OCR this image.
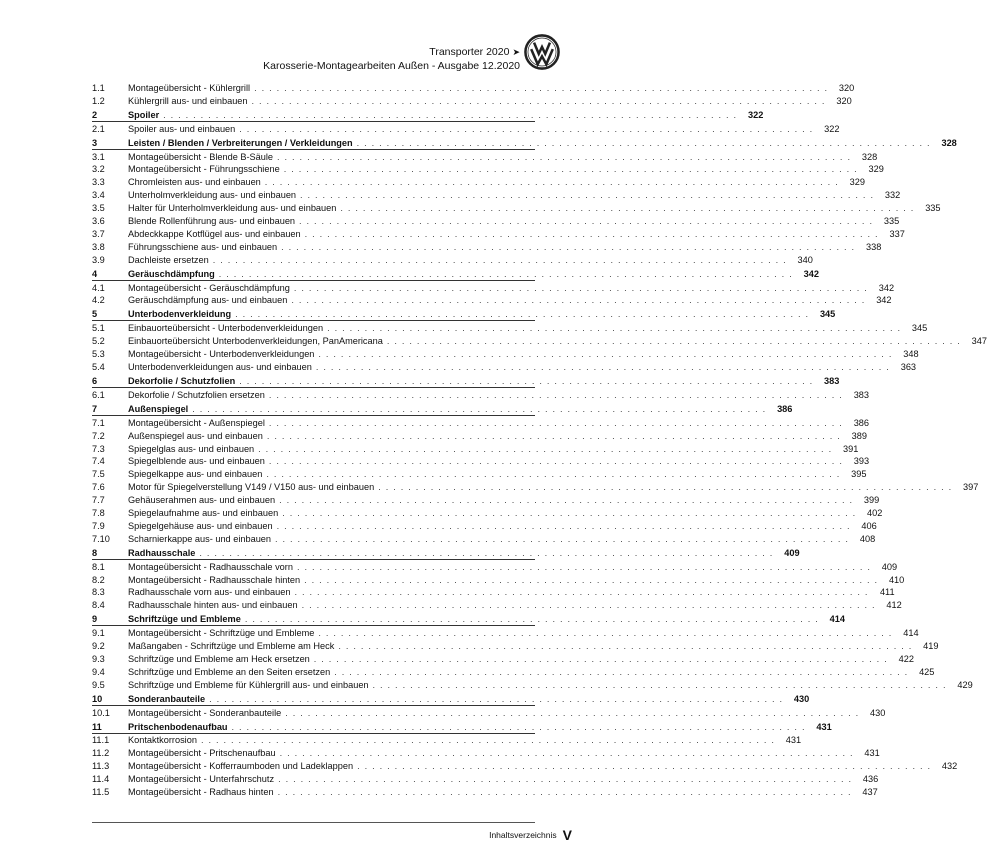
Transporter 2020 ➤
Karosserie-Montagearbeiten Außen - Ausgabe 12.2020
1.1	Montageübersicht - Kühlergrill . . . . . . . . . . . . . . . . . . . . . . . . . . . . . . . . . . . . . . . . . . . . . . . . . . . . . . . . . . . . . . . . . . . . . . . . . . . . .	320
1.2	Kühlergrill aus- und einbauen . . . . . . . . . . . . . . . . . . . . . . . . . . . . . . . . . . . . . . . . . . . . . . . . . . . . . . . . . . . . . . . . . . . . . . . . . . . . .	320
2	Spoiler . . . . . . . . . . . . . . . . . . . . . . . . . . . . . . . . . . . . . . . . . . . . . . . . . . . . . . . . . . . . . . . . . . . . . . . . . . . . .	322
2.1	Spoiler aus- und einbauen . . . . . . . . . . . . . . . . . . . . . . . . . . . . . . . . . . . . . . . . . . . . . . . . . . . . . . . . . . . . . . . . . . . . . . . . . . . . .	322
3	Leisten / Blenden / Verbreiterungen / Verkleidungen . . . . . . . . . . . . . . . . . . . . . . . . . . . . . . . . . . . . . . . . . . . . . . . . . . . . . . . . . . . . . . . . . . . . . . . . . . . . .	328
3.1	Montageübersicht - Blende B-Säule . . . . . . . . . . . . . . . . . . . . . . . . . . . . . . . . . . . . . . . . . . . . . . . . . . . . . . . . . . . . . . . . . . . . . . . . . . . . .	328
3.2	Montageübersicht - Führungsschiene . . . . . . . . . . . . . . . . . . . . . . . . . . . . . . . . . . . . . . . . . . . . . . . . . . . . . . . . . . . . . . . . . . . . . . . . . . . . .	329
3.3	Chromleisten aus- und einbauen . . . . . . . . . . . . . . . . . . . . . . . . . . . . . . . . . . . . . . . . . . . . . . . . . . . . . . . . . . . . . . . . . . . . . . . . . . . . .	329
3.4	Unterholmverkleidung aus- und einbauen . . . . . . . . . . . . . . . . . . . . . . . . . . . . . . . . . . . . . . . . . . . . . . . . . . . . . . . . . . . . . . . . . . . . . . . . . . . . .	332
3.5	Halter für Unterholmverkleidung aus- und einbauen . . . . . . . . . . . . . . . . . . . . . . . . . . . . . . . . . . . . . . . . . . . . . . . . . . . . . . . . . . . . . . . . . . . . . . . . . . . . .	335
3.6	Blende Rollenführung aus- und einbauen . . . . . . . . . . . . . . . . . . . . . . . . . . . . . . . . . . . . . . . . . . . . . . . . . . . . . . . . . . . . . . . . . . . . . . . . . . . . .	335
3.7	Abdeckkappe Kotflügel aus- und einbauen . . . . . . . . . . . . . . . . . . . . . . . . . . . . . . . . . . . . . . . . . . . . . . . . . . . . . . . . . . . . . . . . . . . . . . . . . . . . .	337
3.8	Führungsschiene aus- und einbauen . . . . . . . . . . . . . . . . . . . . . . . . . . . . . . . . . . . . . . . . . . . . . . . . . . . . . . . . . . . . . . . . . . . . . . . . . . . . .	338
3.9	Dachleiste ersetzen . . . . . . . . . . . . . . . . . . . . . . . . . . . . . . . . . . . . . . . . . . . . . . . . . . . . . . . . . . . . . . . . . . . . . . . . . . . . .	340
4	Geräuschdämpfung . . . . . . . . . . . . . . . . . . . . . . . . . . . . . . . . . . . . . . . . . . . . . . . . . . . . . . . . . . . . . . . . . . . . . . . . . . . . .	342
4.1	Montageübersicht - Geräuschdämpfung . . . . . . . . . . . . . . . . . . . . . . . . . . . . . . . . . . . . . . . . . . . . . . . . . . . . . . . . . . . . . . . . . . . . . . . . . . . . .	342
4.2	Geräuschdämpfung aus- und einbauen . . . . . . . . . . . . . . . . . . . . . . . . . . . . . . . . . . . . . . . . . . . . . . . . . . . . . . . . . . . . . . . . . . . . . . . . . . . . .	342
5	Unterbodenverkleidung . . . . . . . . . . . . . . . . . . . . . . . . . . . . . . . . . . . . . . . . . . . . . . . . . . . . . . . . . . . . . . . . . . . . . . . . . . . . .	345
5.1	Einbauortеübersicht - Unterbodenverkleidungen . . . . . . . . . . . . . . . . . . . . . . . . . . . . . . . . . . . . . . . . . . . . . . . . . . . . . . . . . . . . . . . . . . . . . . . . . . . . .	345
5.2	Einbauorteübersicht Unterbodenverkleidungen, PanAmericana . . . . . . . . . . . . . . . . . . . . . . . . . . . . . . . . . . . . . . . . . . . . . . . . . . . . . . . . . . . . . . . . . . . . . . . . . . . . .	347
5.3	Montageübersicht - Unterbodenverkleidungen . . . . . . . . . . . . . . . . . . . . . . . . . . . . . . . . . . . . . . . . . . . . . . . . . . . . . . . . . . . . . . . . . . . . . . . . . . . . .	348
5.4	Unterbodenverkleidungen aus- und einbauen . . . . . . . . . . . . . . . . . . . . . . . . . . . . . . . . . . . . . . . . . . . . . . . . . . . . . . . . . . . . . . . . . . . . . . . . . . . . .	363
6	Dekorfolie / Schutzfolien . . . . . . . . . . . . . . . . . . . . . . . . . . . . . . . . . . . . . . . . . . . . . . . . . . . . . . . . . . . . . . . . . . . . . . . . . . . . .	383
6.1	Dekorfolie / Schutzfolien ersetzen . . . . . . . . . . . . . . . . . . . . . . . . . . . . . . . . . . . . . . . . . . . . . . . . . . . . . . . . . . . . . . . . . . . . . . . . . . . . .	383
7	Außenspiegel . . . . . . . . . . . . . . . . . . . . . . . . . . . . . . . . . . . . . . . . . . . . . . . . . . . . . . . . . . . . . . . . . . . . . . . . . . . . .	386
7.1	Montageübersicht - Außenspiegel . . . . . . . . . . . . . . . . . . . . . . . . . . . . . . . . . . . . . . . . . . . . . . . . . . . . . . . . . . . . . . . . . . . . . . . . . . . . .	386
7.2	Außenspiegel aus- und einbauen . . . . . . . . . . . . . . . . . . . . . . . . . . . . . . . . . . . . . . . . . . . . . . . . . . . . . . . . . . . . . . . . . . . . . . . . . . . . .	389
7.3	Spiegelglas aus- und einbauen . . . . . . . . . . . . . . . . . . . . . . . . . . . . . . . . . . . . . . . . . . . . . . . . . . . . . . . . . . . . . . . . . . . . . . . . . . . . .	391
7.4	Spiegelblende aus- und einbauen . . . . . . . . . . . . . . . . . . . . . . . . . . . . . . . . . . . . . . . . . . . . . . . . . . . . . . . . . . . . . . . . . . . . . . . . . . . . .	393
7.5	Spiegelkappe aus- und einbauen . . . . . . . . . . . . . . . . . . . . . . . . . . . . . . . . . . . . . . . . . . . . . . . . . . . . . . . . . . . . . . . . . . . . . . . . . . . . .	395
7.6	Motor für Spiegelverstellung V149 / V150 aus- und einbauen . . . . . . . . . . . . . . . . . . . . . . . . . . . . . . . . . . . . . . . . . . . . . . . . . . . . . . . . . . . . . . . . . . . . . . . . . . . . .	397
7.7	Gehäuserahmen aus- und einbauen . . . . . . . . . . . . . . . . . . . . . . . . . . . . . . . . . . . . . . . . . . . . . . . . . . . . . . . . . . . . . . . . . . . . . . . . . . . . .	399
7.8	Spiegelaufnahme aus- und einbauen . . . . . . . . . . . . . . . . . . . . . . . . . . . . . . . . . . . . . . . . . . . . . . . . . . . . . . . . . . . . . . . . . . . . . . . . . . . . .	402
7.9	Spiegelgehäuse aus- und einbauen . . . . . . . . . . . . . . . . . . . . . . . . . . . . . . . . . . . . . . . . . . . . . . . . . . . . . . . . . . . . . . . . . . . . . . . . . . . . .	406
7.10	Scharnierkappe aus- und einbauen . . . . . . . . . . . . . . . . . . . . . . . . . . . . . . . . . . . . . . . . . . . . . . . . . . . . . . . . . . . . . . . . . . . . . . . . . . . . .	408
8	Radhausschale . . . . . . . . . . . . . . . . . . . . . . . . . . . . . . . . . . . . . . . . . . . . . . . . . . . . . . . . . . . . . . . . . . . . . . . . . . . . .	409
8.1	Montageübersicht - Radhausschale vorn . . . . . . . . . . . . . . . . . . . . . . . . . . . . . . . . . . . . . . . . . . . . . . . . . . . . . . . . . . . . . . . . . . . . . . . . . . . . .	409
8.2	Montageübersicht - Radhausschale hinten . . . . . . . . . . . . . . . . . . . . . . . . . . . . . . . . . . . . . . . . . . . . . . . . . . . . . . . . . . . . . . . . . . . . . . . . . . . . .	410
8.3	Radhausschale vorn aus- und einbauen . . . . . . . . . . . . . . . . . . . . . . . . . . . . . . . . . . . . . . . . . . . . . . . . . . . . . . . . . . . . . . . . . . . . . . . . . . . . .	411
8.4	Radhausschale hinten aus- und einbauen . . . . . . . . . . . . . . . . . . . . . . . . . . . . . . . . . . . . . . . . . . . . . . . . . . . . . . . . . . . . . . . . . . . . . . . . . . . . .	412
9	Schriftzüge und Embleme . . . . . . . . . . . . . . . . . . . . . . . . . . . . . . . . . . . . . . . . . . . . . . . . . . . . . . . . . . . . . . . . . . . . . . . . . . . . .	414
9.1	Montageübersicht - Schriftzüge und Embleme . . . . . . . . . . . . . . . . . . . . . . . . . . . . . . . . . . . . . . . . . . . . . . . . . . . . . . . . . . . . . . . . . . . . . . . . . . . . .	414
9.2	Maßangaben - Schriftzüge und Embleme am Heck . . . . . . . . . . . . . . . . . . . . . . . . . . . . . . . . . . . . . . . . . . . . . . . . . . . . . . . . . . . . . . . . . . . . . . . . . . . . .	419
9.3	Schriftzüge und Embleme am Heck ersetzen . . . . . . . . . . . . . . . . . . . . . . . . . . . . . . . . . . . . . . . . . . . . . . . . . . . . . . . . . . . . . . . . . . . . . . . . . . . . .	422
9.4	Schriftzüge und Embleme an den Seiten ersetzen . . . . . . . . . . . . . . . . . . . . . . . . . . . . . . . . . . . . . . . . . . . . . . . . . . . . . . . . . . . . . . . . . . . . . . . . . . . . .	425
9.5	Schriftzüge und Embleme für Kühlergrill aus- und einbauen . . . . . . . . . . . . . . . . . . . . . . . . . . . . . . . . . . . . . . . . . . . . . . . . . . . . . . . . . . . . . . . . . . . . . . . . . . . . .	429
10	Sonderanbauteile . . . . . . . . . . . . . . . . . . . . . . . . . . . . . . . . . . . . . . . . . . . . . . . . . . . . . . . . . . . . . . . . . . . . . . . . . . . . .	430
10.1	Montageübersicht - Sonderanbauteile . . . . . . . . . . . . . . . . . . . . . . . . . . . . . . . . . . . . . . . . . . . . . . . . . . . . . . . . . . . . . . . . . . . . . . . . . . . . .	430
11	Pritschenbodenaufbau . . . . . . . . . . . . . . . . . . . . . . . . . . . . . . . . . . . . . . . . . . . . . . . . . . . . . . . . . . . . . . . . . . . . . . . . . . . . .	431
11.1	Kontaktkorrosion . . . . . . . . . . . . . . . . . . . . . . . . . . . . . . . . . . . . . . . . . . . . . . . . . . . . . . . . . . . . . . . . . . . . . . . . . . . . .	431
11.2	Montageübersicht - Pritschenaufbau . . . . . . . . . . . . . . . . . . . . . . . . . . . . . . . . . . . . . . . . . . . . . . . . . . . . . . . . . . . . . . . . . . . . . . . . . . . . .	431
11.3	Montageübersicht - Kofferraumboden und Ladeklappen . . . . . . . . . . . . . . . . . . . . . . . . . . . . . . . . . . . . . . . . . . . . . . . . . . . . . . . . . . . . . . . . . . . . . . . . . . . . .	432
11.4	Montageübersicht - Unterfahrschutz . . . . . . . . . . . . . . . . . . . . . . . . . . . . . . . . . . . . . . . . . . . . . . . . . . . . . . . . . . . . . . . . . . . . . . . . . . . . .	436
11.5	Montageübersicht - Radhaus hinten . . . . . . . . . . . . . . . . . . . . . . . . . . . . . . . . . . . . . . . . . . . . . . . . . . . . . . . . . . . . . . . . . . . . . . . . . . . . .	437
Inhaltsverzeichnis V
